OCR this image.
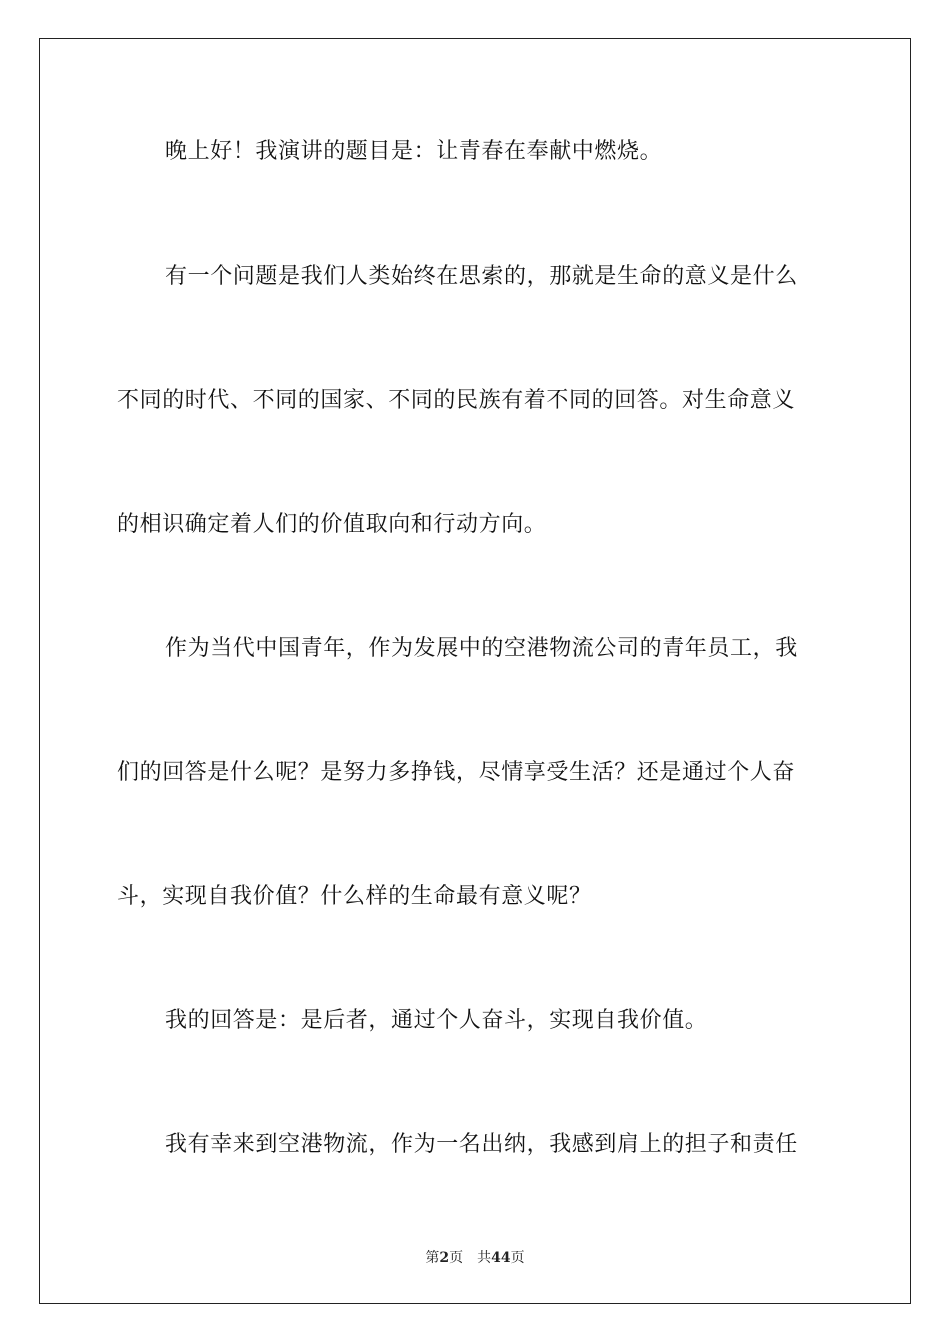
晚上好！我演讲的题目是：让青春在奉献中燃烧。
有一个问题是我们人类始终在思索的，那就是生命的意义是什么
不同的时代、不同的国家、不同的民族有着不同的回答。对生命意义
的相识确定着人们的价值取向和行动方向。
作为当代中国青年，作为发展中的空港物流公司的青年员工，我
们的回答是什么呢？是努力多挣钱，尽情享受生活？还是通过个人奋
斗，实现自我价值？什么样的生命最有意义呢？
我的回答是：是后者，通过个人奋斗，实现自我价值。
我有幸来到空港物流，作为一名出纳，我感到肩上的担子和责任
第2页 共44页
